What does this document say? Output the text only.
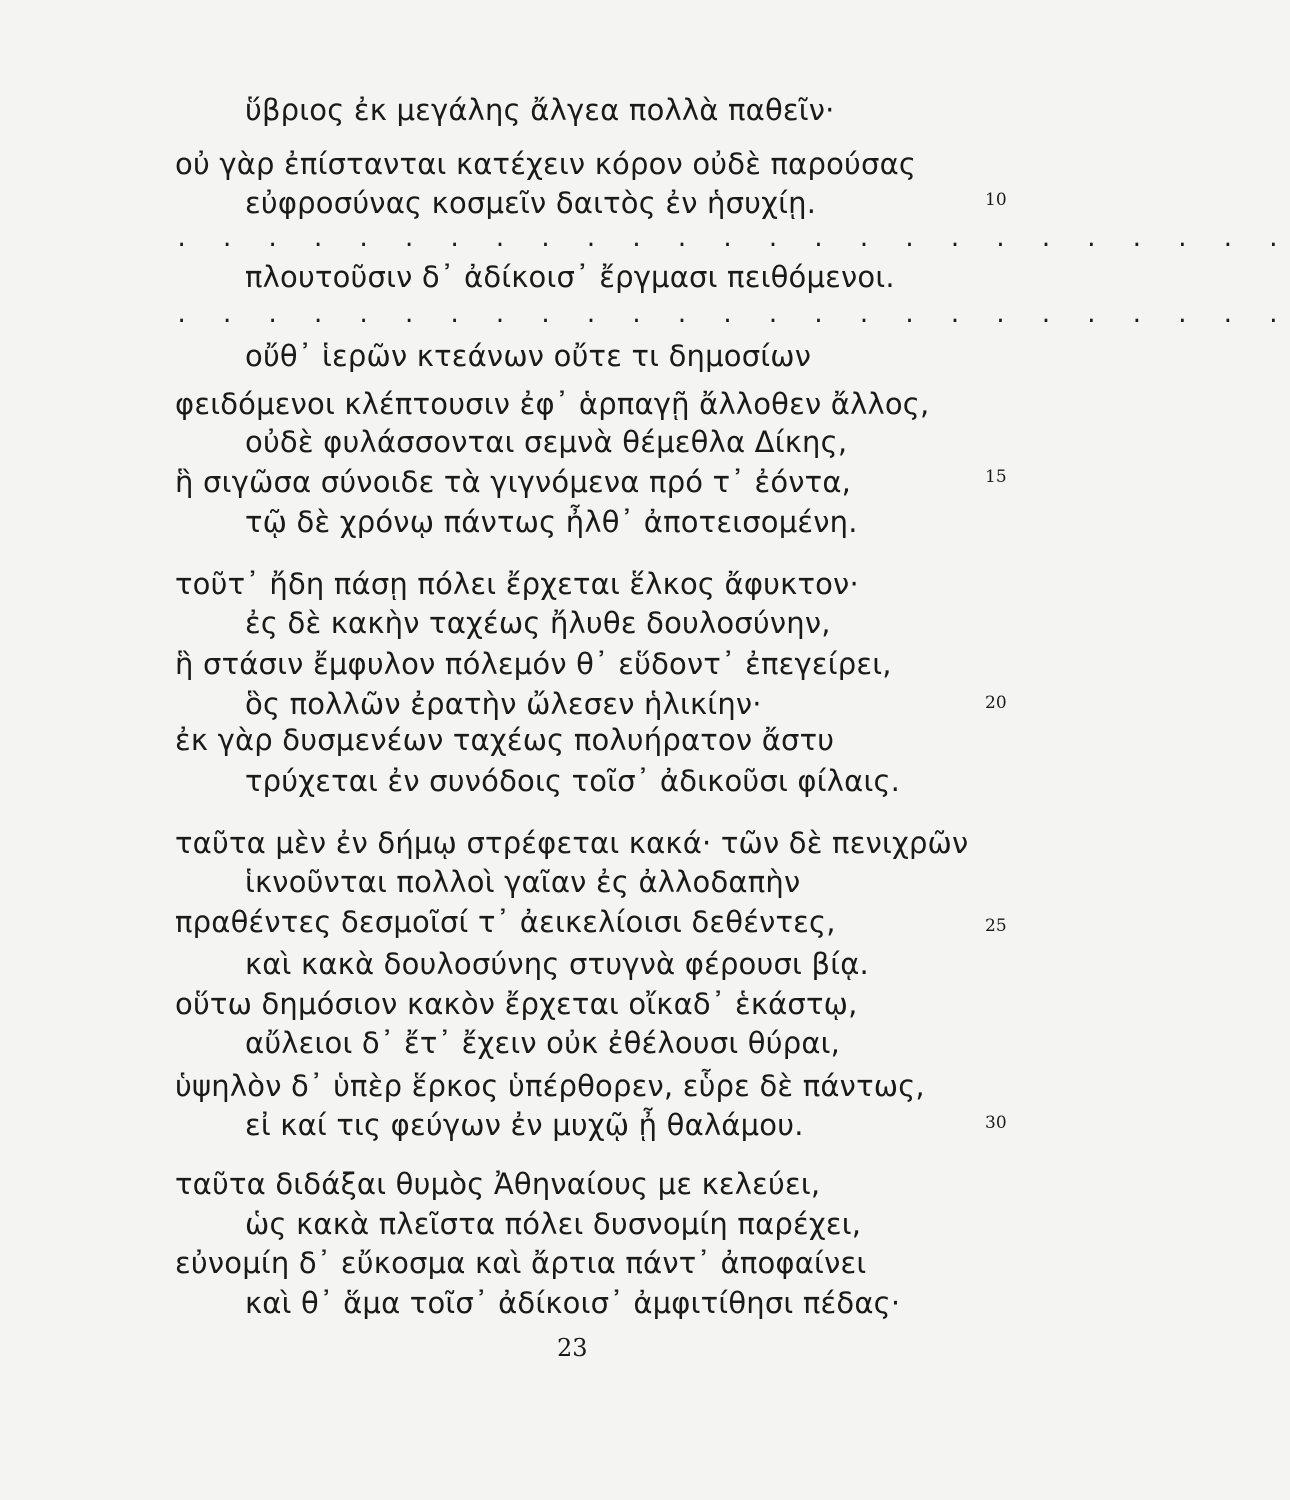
ὕβριος ἐκ μεγάλης ἄλγεα πολλὰ παθεῖν·
οὐ γὰρ ἐπίστανται κατέχειν κόρον οὐδὲ παρούσας
εὐφροσύνας κοσμεῖν δαιτὸς ἐν ἡσυχίῃ.
. . . . . . . . . . . . . . . . . . . . . . . . .
πλουτοῦσιν δ᾽ ἀδίκοισ᾽ ἔργμασι πειθόμενοι.
. . . . . . . . . . . . . . . . . . . . . . . . .
οὔθ᾽ ἱερῶν κτεάνων οὔτε τι δημοσίων
φειδόμενοι κλέπτουσιν ἐφ᾽ ἁρπαγῇ ἄλλοθεν ἄλλος,
οὐδὲ φυλάσσονται σεμνὰ θέμεθλα Δίκης,
ἣ σιγῶσα σύνοιδε τὰ γιγνόμενα πρό τ᾽ ἐόντα,
τῷ δὲ χρόνῳ πάντως ἦλθ᾽ ἀποτεισομένη.
τοῦτ᾽ ἤδη πάσῃ πόλει ἔρχεται ἕλκος ἄφυκτον·
ἐς δὲ κακὴν ταχέως ἤλυθε δουλοσύνην,
ἣ στάσιν ἔμφυλον πόλεμόν θ᾽ εὕδοντ᾽ ἐπεγείρει,
ὃς πολλῶν ἐρατὴν ὤλεσεν ἡλικίην·
ἐκ γὰρ δυσμενέων ταχέως πολυήρατον ἄστυ
τρύχεται ἐν συνόδοις τοῖσ᾽ ἀδικοῦσι φίλαις.
ταῦτα μὲν ἐν δήμῳ στρέφεται κακά· τῶν δὲ πενιχρῶν
ἱκνοῦνται πολλοὶ γαῖαν ἐς ἀλλοδαπὴν
πραθέντες δεσμοῖσί τ᾽ ἀεικελίοισι δεθέντες,
καὶ κακὰ δουλοσύνης στυγνὰ φέρουσι βίᾳ.
οὕτω δημόσιον κακὸν ἔρχεται οἴκαδ᾽ ἑκάστῳ,
αὔλειοι δ᾽ ἔτ᾽ ἔχειν οὐκ ἐθέλουσι θύραι,
ὑψηλὸν δ᾽ ὑπὲρ ἕρκος ὑπέρθορεν, εὗρε δὲ πάντως,
εἰ καί τις φεύγων ἐν μυχῷ ᾖ θαλάμου.
ταῦτα διδάξαι θυμὸς Ἀθηναίους με κελεύει,
ὡς κακὰ πλεῖστα πόλει δυσνομίη παρέχει,
εὐνομίη δ᾽ εὔκοσμα καὶ ἄρτια πάντ᾽ ἀποφαίνει
καὶ θ᾽ ἅμα τοῖσ᾽ ἀδίκοισ᾽ ἀμφιτίθησι πέδας·
10
15
20
25
30
23
